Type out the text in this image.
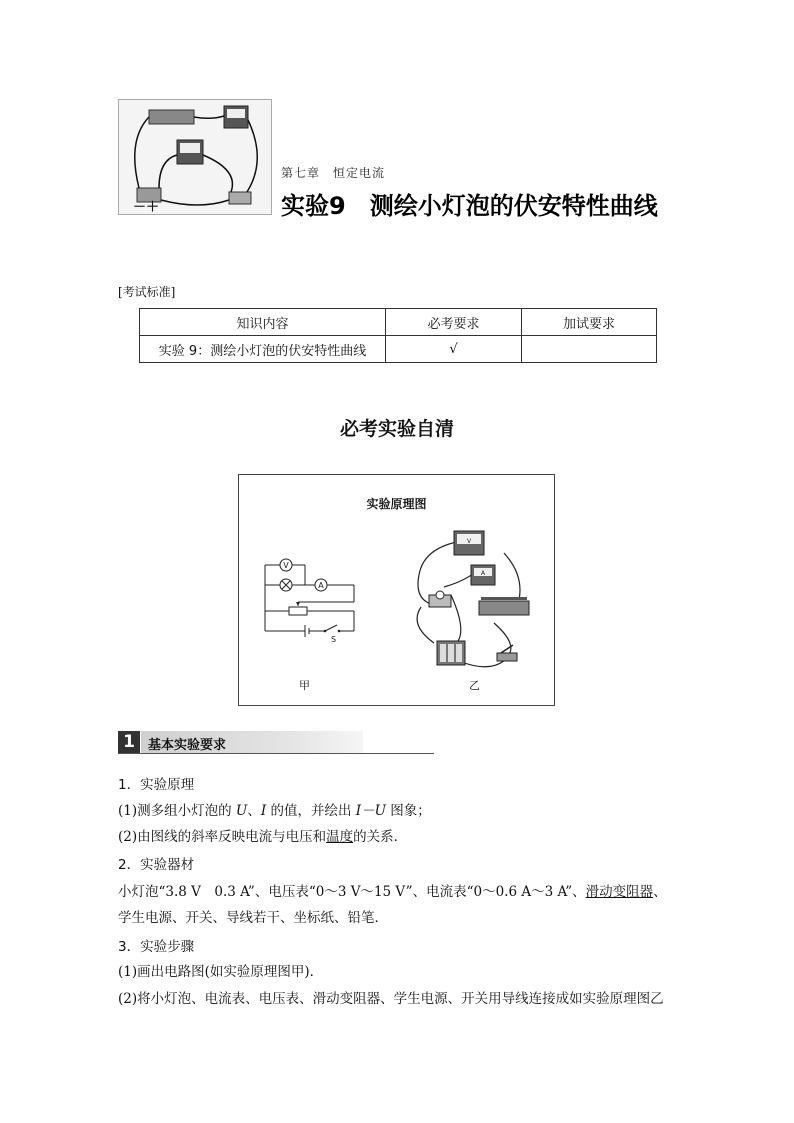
－＋
第七章　恒定电流
实验9　测绘小灯泡的伏安特性曲线
[考试标准]
知识内容	必考要求	加试要求
实验 9：测绘小灯泡的伏安特性曲线	√	
必考实验自清
实验原理图
V
A
S
V
A
甲	乙
1	基本实验要求
1．实验原理
(1)测多组小灯泡的 U、I 的值，并绘出 I－U 图象；
(2)由图线的斜率反映电流与电压和温度的关系．
2．实验器材
小灯泡“3.8 V　0.3 A”、电压表“0～3 V～15 V”、电流表“0～0.6 A～3 A”、滑动变阻器、
学生电源、开关、导线若干、坐标纸、铅笔．
3．实验步骤
(1)画出电路图(如实验原理图甲)．
(2)将小灯泡、电流表、电压表、滑动变阻器、学生电源、开关用导线连接成如实验原理图乙
